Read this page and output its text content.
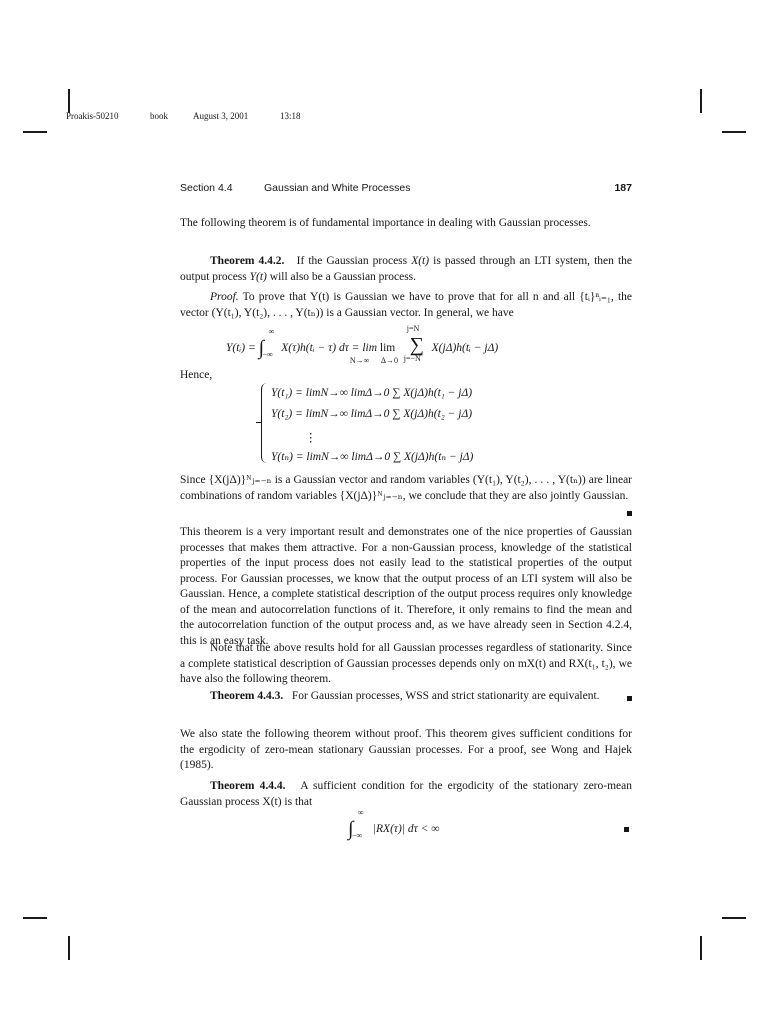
Proakis-50210	book	August 3, 2001	13:18
Section 4.4	Gaussian and White Processes	187

The following theorem is of fundamental importance in dealing with Gaussian processes.

Theorem 4.4.2. If the Gaussian process X(t) is passed through an LTI system, then the output process Y(t) will also be a Gaussian process.

Proof. To prove that Y(t) is Gaussian we have to prove that for all n and all {tᵢ}ⁿᵢ₌₁, the vector (Y(t₁), Y(t₂), . . . , Y(tₙ)) is a Gaussian vector. In general, we have

Y(tᵢ) = ∫
∞
−∞
X(τ)h(tᵢ − τ) dτ = lim lim
N→∞ Δ→0
∑
j=N
j=−N
X(jΔ)h(tᵢ − jΔ)

Hence,

Y(t₁) = limN→∞ limΔ→0 ∑ X(jΔ)h(t₁ − jΔ)
Y(t₂) = limN→∞ limΔ→0 ∑ X(jΔ)h(t₂ − jΔ)
⋮
Y(tₙ) = limN→∞ limΔ→0 ∑ X(jΔ)h(tₙ − jΔ)

Since {X(jΔ)}ᴺⱼ₌₋ₙ is a Gaussian vector and random variables (Y(t₁), Y(t₂), . . . , Y(tₙ)) are linear combinations of random variables {X(jΔ)}ᴺⱼ₌₋ₙ, we conclude that they are also jointly Gaussian.

This theorem is a very important result and demonstrates one of the nice properties of Gaussian processes that makes them attractive. For a non-Gaussian process, knowledge of the statistical properties of the input process does not easily lead to the statistical properties of the output process. For Gaussian processes, we know that the output process of an LTI system will also be Gaussian. Hence, a complete statistical description of the output process requires only knowledge of the mean and autocorrelation functions of it. Therefore, it only remains to find the mean and the autocorrelation function of the output process and, as we have already seen in Section 4.2.4, this is an easy task.

Note that the above results hold for all Gaussian processes regardless of stationarity. Since a complete statistical description of Gaussian processes depends only on mX(t) and RX(t₁, t₂), we have also the following theorem.

Theorem 4.4.3. For Gaussian processes, WSS and strict stationarity are equivalent.

We also state the following theorem without proof. This theorem gives sufficient conditions for the ergodicity of zero-mean stationary Gaussian processes. For a proof, see Wong and Hajek (1985).

Theorem 4.4.4. A sufficient condition for the ergodicity of the stationary zero-mean Gaussian process X(t) is that

∫
∞
−∞
|RX(τ)| dτ < ∞
